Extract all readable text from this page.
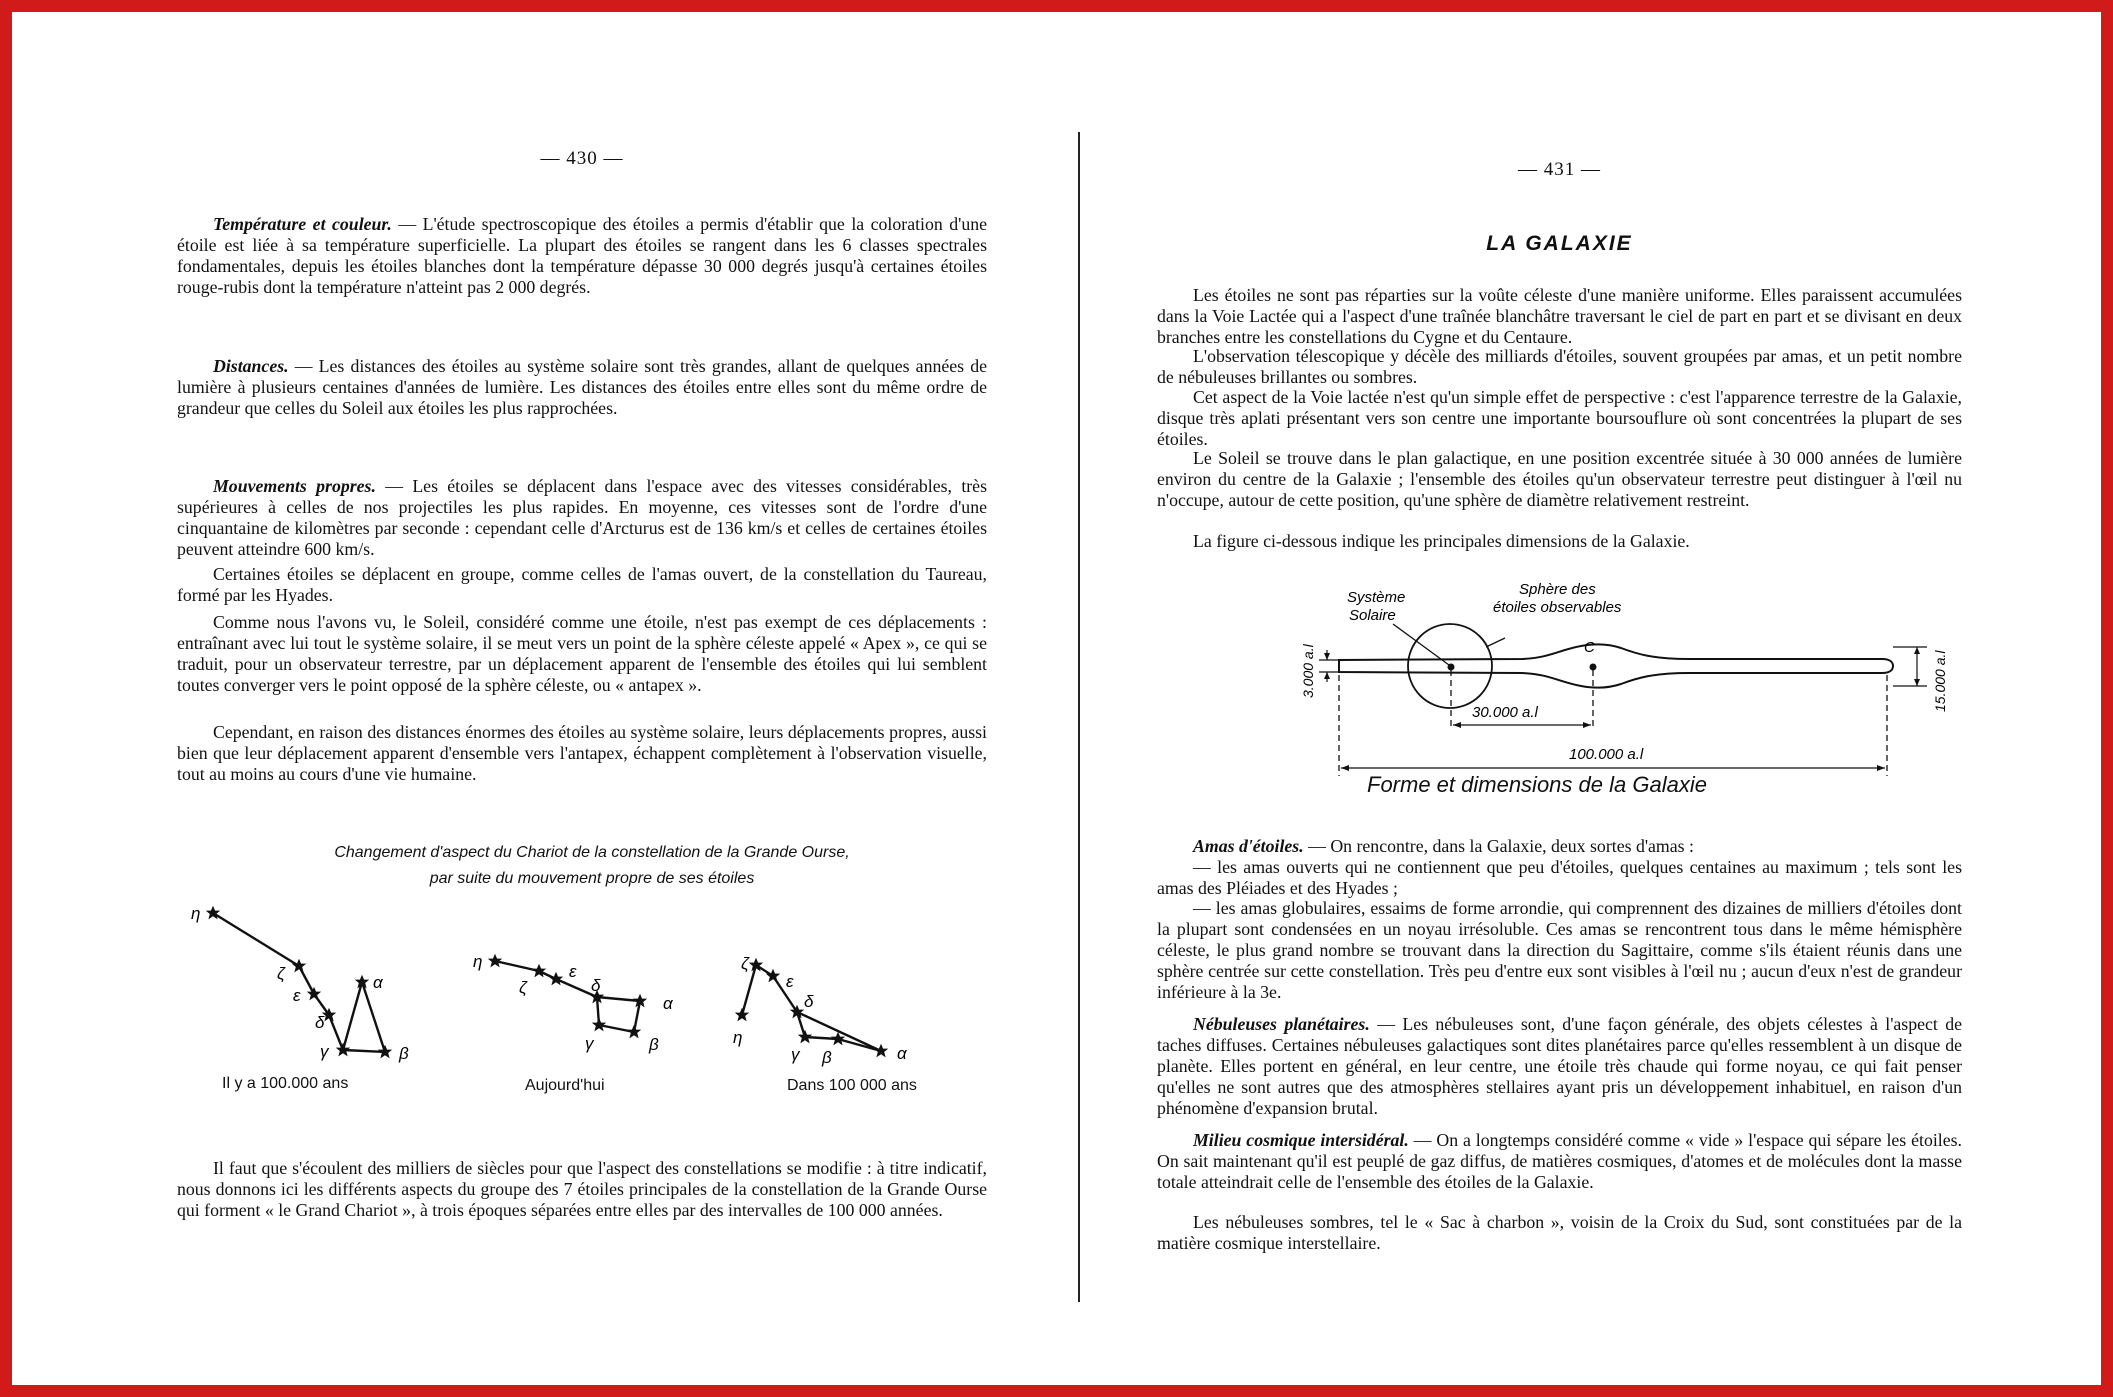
— 430 —

Température et couleur. — L'étude spectroscopique des étoiles a permis d'établir que la coloration d'une étoile est liée à sa température superficielle. La plupart des étoiles se rangent dans les 6 classes spectrales fondamentales, depuis les étoiles blanches dont la température dépasse 30 000 degrés jusqu'à certaines étoiles rouge-rubis dont la température n'atteint pas 2 000 degrés.

Distances. — Les distances des étoiles au système solaire sont très grandes, allant de quelques années de lumière à plusieurs centaines d'années de lumière. Les distances des étoiles entre elles sont du même ordre de grandeur que celles du Soleil aux étoiles les plus rapprochées.

Mouvements propres. — Les étoiles se déplacent dans l'espace avec des vitesses considérables, très supérieures à celles de nos projectiles les plus rapides. En moyenne, ces vitesses sont de l'ordre d'une cinquantaine de kilomètres par seconde : cependant celle d'Arcturus est de 136 km/s et celles de certaines étoiles peuvent atteindre 600 km/s.

Certaines étoiles se déplacent en groupe, comme celles de l'amas ouvert, de la constellation du Taureau, formé par les Hyades.

Comme nous l'avons vu, le Soleil, considéré comme une étoile, n'est pas exempt de ces déplacements : entraînant avec lui tout le système solaire, il se meut vers un point de la sphère céleste appelé « Apex », ce qui se traduit, pour un observateur terrestre, par un déplacement apparent de l'ensemble des étoiles qui lui semblent toutes converger vers le point opposé de la sphère céleste, ou « antapex ».

Cependant, en raison des distances énormes des étoiles au système solaire, leurs déplacements propres, aussi bien que leur déplacement apparent d'ensemble vers l'antapex, échappent complètement à l'observation visuelle, tout au moins au cours d'une vie humaine.

Changement d'aspect du Chariot de la constellation de la Grande Ourse,
par suite du mouvement propre de ses étoiles
η
ζ
ε
δ
α
γ	β
η
ζ
ε
δ
α
γ	β	η
ζ
ε
δ
α
γ β
Il y a 100.000 ans	Aujourd'hui	Dans 100 000 ans

Il faut que s'écoulent des milliers de siècles pour que l'aspect des constellations se modifie : à titre indicatif, nous donnons ici les différents aspects du groupe des 7 étoiles principales de la constellation de la Grande Ourse qui forment « le Grand Chariot », à trois époques séparées entre elles par des intervalles de 100 000 années.

— 431 —
LA GALAXIE

Les étoiles ne sont pas réparties sur la voûte céleste d'une manière uniforme. Elles paraissent accumulées dans la Voie Lactée qui a l'aspect d'une traînée blanchâtre traversant le ciel de part en part et se divisant en deux branches entre les constellations du Cygne et du Centaure.

L'observation télescopique y décèle des milliards d'étoiles, souvent groupées par amas, et un petit nombre de nébuleuses brillantes ou sombres.

Cet aspect de la Voie lactée n'est qu'un simple effet de perspective : c'est l'apparence terrestre de la Galaxie, disque très aplati présentant vers son centre une importante boursouflure où sont concentrées la plupart de ses étoiles.

Le Soleil se trouve dans le plan galactique, en une position excentrée située à 30 000 années de lumière environ du centre de la Galaxie ; l'ensemble des étoiles qu'un observateur terrestre peut distinguer à l'œil nu n'occupe, autour de cette position, qu'une sphère de diamètre relativement restreint.

La figure ci-dessous indique les principales dimensions de la Galaxie.

C
Système
Solaire
Sphère des
étoiles observables
3.000 a.l	15.000 a.l
30.000 a.l
100.000 a.l
Forme et dimensions de la Galaxie

Amas d'étoiles. — On rencontre, dans la Galaxie, deux sortes d'amas :

— les amas ouverts qui ne contiennent que peu d'étoiles, quelques centaines au maximum ; tels sont les amas des Pléiades et des Hyades ;

— les amas globulaires, essaims de forme arrondie, qui comprennent des dizaines de milliers d'étoiles dont la plupart sont condensées en un noyau irrésoluble. Ces amas se rencontrent tous dans le même hémisphère céleste, le plus grand nombre se trouvant dans la direction du Sagittaire, comme s'ils étaient réunis dans une sphère centrée sur cette constellation. Très peu d'entre eux sont visibles à l'œil nu ; aucun d'eux n'est de grandeur inférieure à la 3e.

Nébuleuses planétaires. — Les nébuleuses sont, d'une façon générale, des objets célestes à l'aspect de taches diffuses. Certaines nébuleuses galactiques sont dites planétaires parce qu'elles ressemblent à un disque de planète. Elles portent en général, en leur centre, une étoile très chaude qui forme noyau, ce qui fait penser qu'elles ne sont autres que des atmosphères stellaires ayant pris un développement inhabituel, en raison d'un phénomène d'expansion brutal.

Milieu cosmique intersidéral. — On a longtemps considéré comme « vide » l'espace qui sépare les étoiles. On sait maintenant qu'il est peuplé de gaz diffus, de matières cosmiques, d'atomes et de molécules dont la masse totale atteindrait celle de l'ensemble des étoiles de la Galaxie.

Les nébuleuses sombres, tel le « Sac à charbon », voisin de la Croix du Sud, sont constituées par de la matière cosmique interstellaire.
